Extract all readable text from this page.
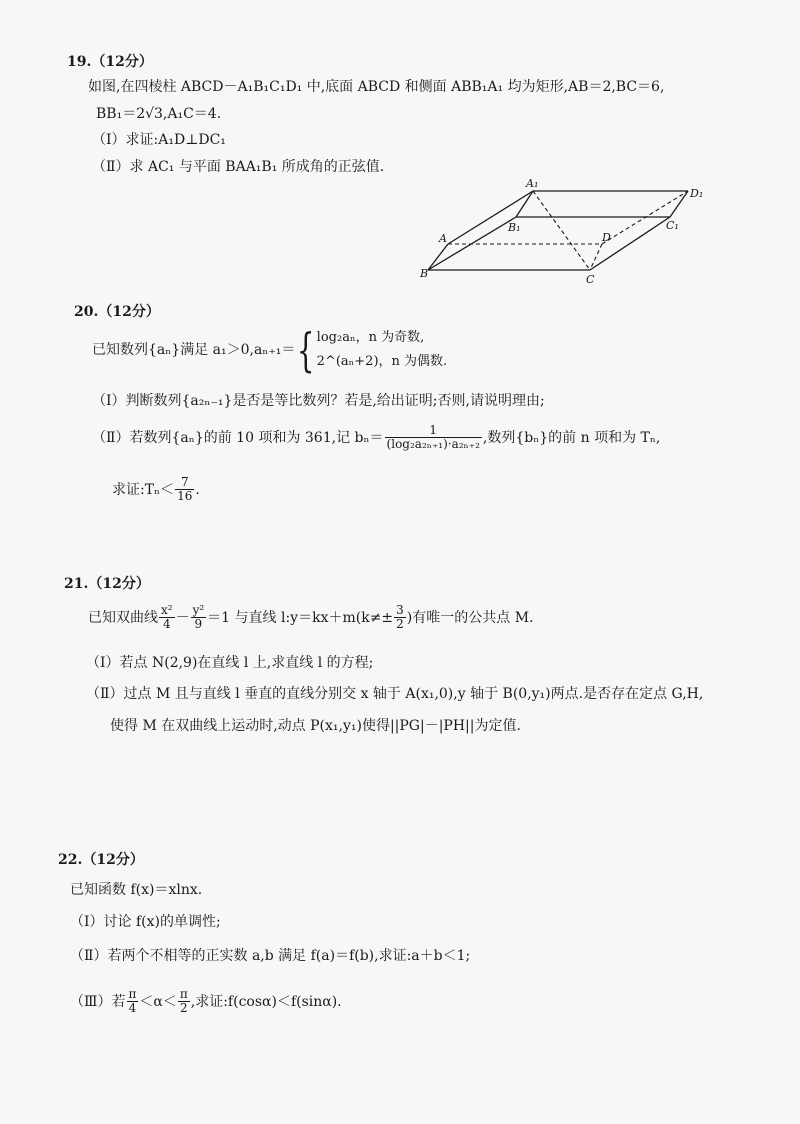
19.（12分）
如图,在四棱柱 ABCD－A₁B₁C₁D₁ 中,底面 ABCD 和侧面 ABB₁A₁ 均为矩形,AB＝2,BC＝6,
BB₁＝2√3,A₁C＝4.
（Ⅰ）求证:A₁D⊥DC₁
（Ⅱ）求 AC₁ 与平面 BAA₁B₁ 所成角的正弦值.
A₁
D₁
B₁	C₁
A	D
B	C
20.（12分）
已知数列{aₙ}满足 a₁＞0,aₙ₊₁＝{ log₂aₙ，n 为奇数,
2^(aₙ+2)，n 为偶数.
（Ⅰ）判断数列{a₂ₙ₋₁}是否是等比数列？若是,给出证明;否则,请说明理由;
（Ⅱ）若数列{aₙ}的前 10 项和为 361,记 $b_n= \frac{1}{\text{(log₂a₂ₙ₊₁)·a₂ₙ₊₂}}$ ,数列{bₙ}的前 n 项和为 Tₙ,
求证:Tₙ＜ $\frac{7}{16}$ .
21.（12分）
已知双曲线 $\frac{\text{x²}}{4} - \frac{\text{y²}}{9} =1$ 与直线 l:y＝kx＋m(k≠± $\frac{3}{2}$ )有唯一的公共点 M.
（Ⅰ）若点 N(2,9)在直线 l 上,求直线 l 的方程;
（Ⅱ）过点 M 且与直线 l 垂直的直线分别交 x 轴于 A(x₁,0),y 轴于 B(0,y₁)两点.是否存在定点 G,H,
使得 M 在双曲线上运动时,动点 P(x₁,y₁)使得||PG|－|PH||为定值.
22.（12分）
已知函数 f(x)＝xlnx.
（Ⅰ）讨论 f(x)的单调性;
（Ⅱ）若两个不相等的正实数 a,b 满足 f(a)＝f(b),求证:a＋b＜1;
（Ⅲ）若 $\frac{\pi}{4} <\alpha< \frac{\pi}{2}$ ,求证:f(cosα)＜f(sinα).
